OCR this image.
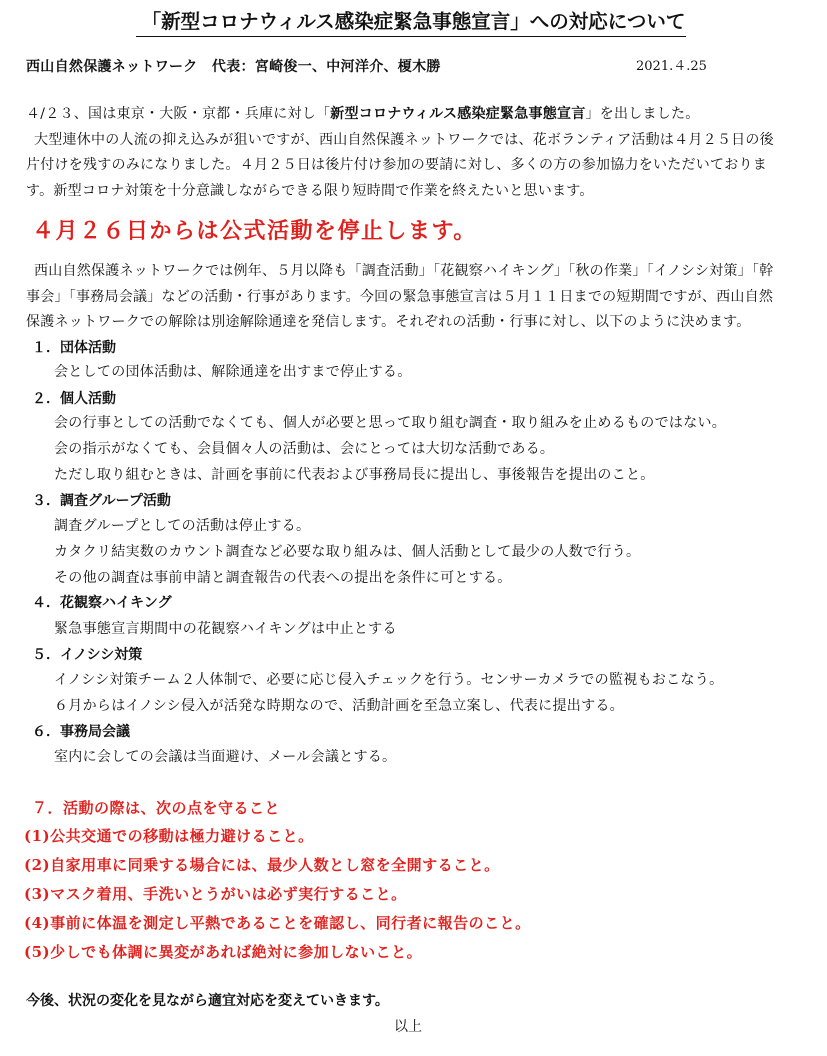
「新型コロナウィルス感染症緊急事態宣言」への対応について
西山自然保護ネットワーク　代表：宮崎俊一、中河洋介、榎木勝	2021.４.25

４/２３、国は東京・大阪・京都・兵庫に対し「新型コロナウィルス感染症緊急事態宣言」を出しました。

大型連休中の人流の抑え込みが狙いですが、西山自然保護ネットワークでは、花ボランティア活動は４月２５日の後

片付けを残すのみになりました。４月２５日は後片付け参加の要請に対し、多くの方の参加協力をいただいておりま

す。新型コロナ対策を十分意識しながらできる限り短時間で作業を終えたいと思います。

４月２６日からは公式活動を停止します。

西山自然保護ネットワークでは例年、５月以降も「調査活動」「花観察ハイキング」「秋の作業」「イノシシ対策」「幹

事会」「事務局会議」などの活動・行事があります。今回の緊急事態宣言は５月１１日までの短期間ですが、西山自然

保護ネットワークでの解除は別途解除通達を発信します。それぞれの活動・行事に対し、以下のように決めます。

１．団体活動
会としての団体活動は、解除通達を出すまで停止する。
２．個人活動
会の行事としての活動でなくても、個人が必要と思って取り組む調査・取り組みを止めるものではない。
会の指示がなくても、会員個々人の活動は、会にとっては大切な活動である。
ただし取り組むときは、計画を事前に代表および事務局長に提出し、事後報告を提出のこと。
３．調査グループ活動
調査グループとしての活動は停止する。
カタクリ結実数のカウント調査など必要な取り組みは、個人活動として最少の人数で行う。
その他の調査は事前申請と調査報告の代表への提出を条件に可とする。
４．花観察ハイキング
緊急事態宣言期間中の花観察ハイキングは中止とする
５．イノシシ対策
イノシシ対策チーム２人体制で、必要に応じ侵入チェックを行う。センサーカメラでの監視もおこなう。
６月からはイノシシ侵入が活発な時期なので、活動計画を至急立案し、代表に提出する。
６．事務局会議
室内に会しての会議は当面避け、メール会議とする。
７．活動の際は、次の点を守ること
(1)公共交通での移動は極力避けること。
(2)自家用車に同乗する場合には、最少人数とし窓を全開すること。
(3)マスク着用、手洗いとうがいは必ず実行すること。
(4)事前に体温を測定し平熱であることを確認し、同行者に報告のこと。
(5)少しでも体調に異変があれば絶対に参加しないこと。
今後、状況の変化を見ながら適宜対応を変えていきます。
以上
